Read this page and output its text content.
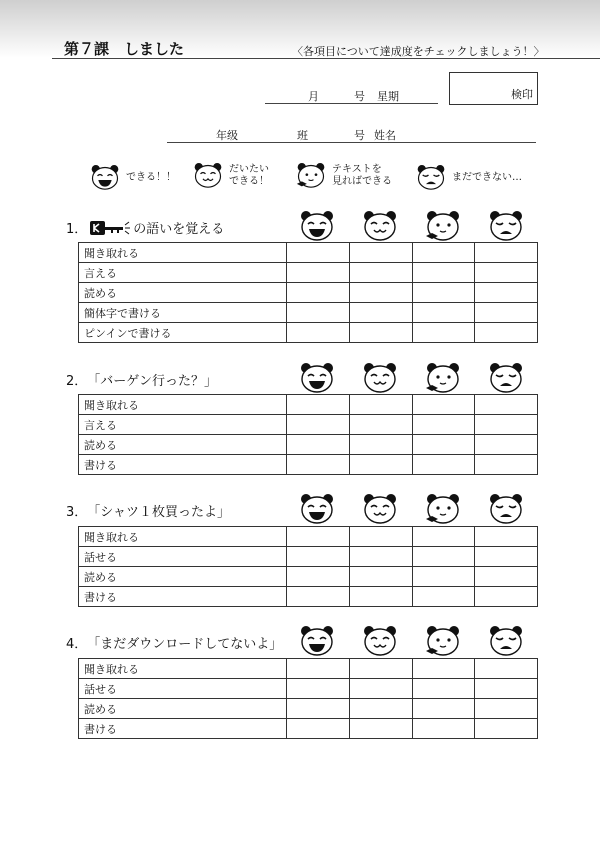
第７課　しました	〈各項目について達成度をチェックしましょう！〉
月	号 星期	検印
年级	班	号 姓名
できる！！
だいたい
できる！
テキストを
見ればできる	まだできない…
1．	の語いを覚える
聞き取れる				
言える				
読める				
簡体字で書ける				
ピンインで書ける				
2． 「バーゲン行った？」
聞き取れる				
言える				
読める				
書ける				
3． 「シャツ１枚買ったよ」
聞き取れる				
話せる				
読める				
書ける				
4． 「まだダウンロードしてないよ」
聞き取れる				
話せる				
読める				
書ける				
